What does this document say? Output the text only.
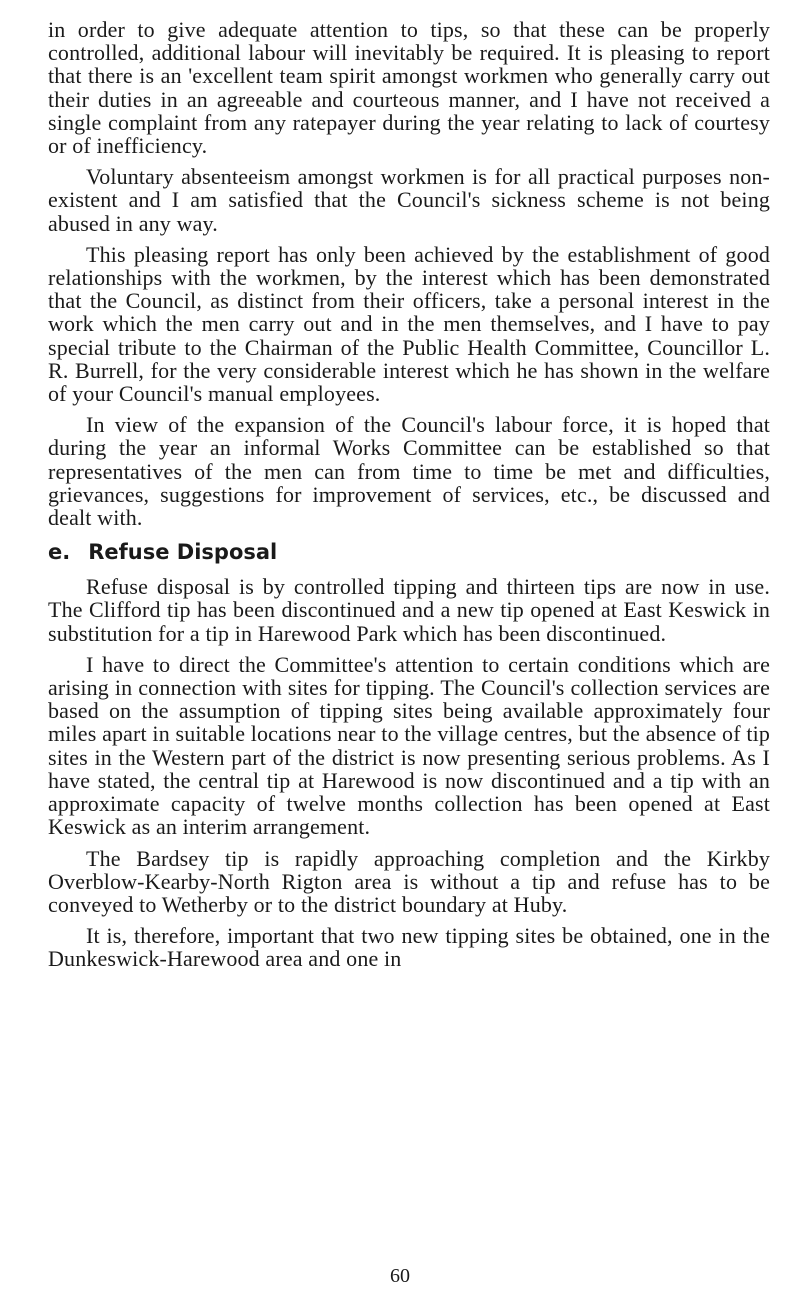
in order to give adequate attention to tips, so that these can be properly controlled, additional labour will inevitably be required. It is pleasing to report that there is an 'excellent team spirit amongst workmen who generally carry out their duties in an agreeable and courteous manner, and I have not received a single complaint from any ratepayer during the year relating to lack of courtesy or of inefficiency.

Voluntary absenteeism amongst workmen is for all practical purposes non-existent and I am satisfied that the Council's sickness scheme is not being abused in any way.

This pleasing report has only been achieved by the establishment of good relationships with the workmen, by the interest which has been demonstrated that the Council, as distinct from their officers, take a personal interest in the work which the men carry out and in the men themselves, and I have to pay special tribute to the Chairman of the Public Health Committee, Councillor L. R. Burrell, for the very considerable interest which he has shown in the welfare of your Council's manual employees.

In view of the expansion of the Council's labour force, it is hoped that during the year an informal Works Committee can be established so that representatives of the men can from time to time be met and difficulties, grievances, suggestions for improvement of services, etc., be discussed and dealt with.

e. Refuse Disposal

Refuse disposal is by controlled tipping and thirteen tips are now in use. The Clifford tip has been discontinued and a new tip opened at East Keswick in substitution for a tip in Harewood Park which has been discontinued.

I have to direct the Committee's attention to certain conditions which are arising in connection with sites for tipping. The Council's collection services are based on the assumption of tipping sites being available approximately four miles apart in suitable locations near to the village centres, but the absence of tip sites in the Western part of the district is now presenting serious problems. As I have stated, the central tip at Harewood is now discontinued and a tip with an approximate capacity of twelve months collection has been opened at East Keswick as an interim arrangement.

The Bardsey tip is rapidly approaching completion and the Kirkby Overblow-Kearby-North Rigton area is without a tip and refuse has to be conveyed to Wetherby or to the district boundary at Huby.

It is, therefore, important that two new tipping sites be obtained, one in the Dunkeswick-Harewood area and one in

60
